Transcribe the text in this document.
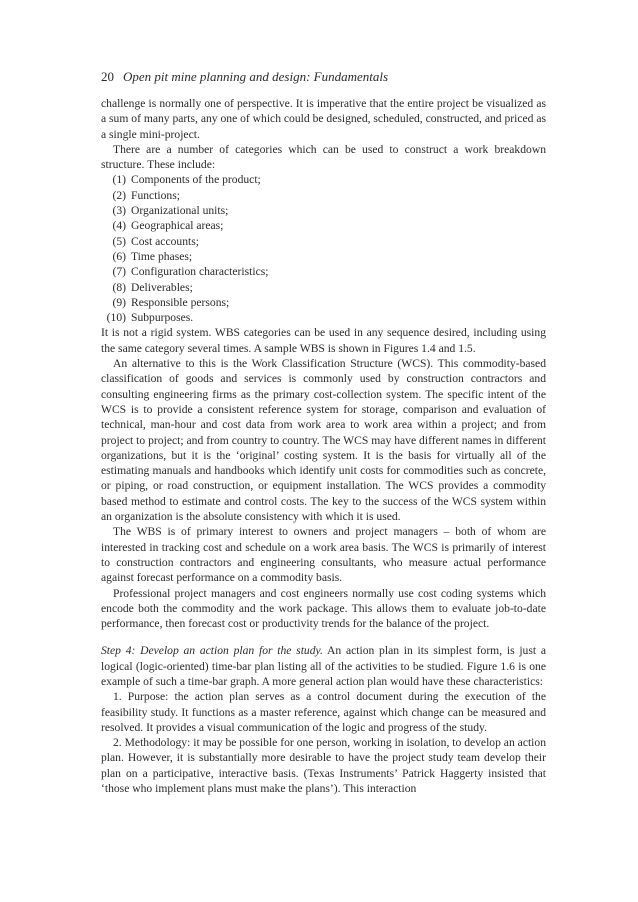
20 Open pit mine planning and design: Fundamentals

challenge is normally one of perspective. It is imperative that the entire project be visualized as a sum of many parts, any one of which could be designed, scheduled, constructed, and priced as a single mini-project.

There are a number of categories which can be used to construct a work breakdown structure. These include:

(1) Components of the product;
(2) Functions;
(3) Organizational units;
(4) Geographical areas;
(5) Cost accounts;
(6) Time phases;
(7) Configuration characteristics;
(8) Deliverables;
(9) Responsible persons;
(10) Subpurposes.

It is not a rigid system. WBS categories can be used in any sequence desired, including using the same category several times. A sample WBS is shown in Figures 1.4 and 1.5.

An alternative to this is the Work Classification Structure (WCS). This commodity-based classification of goods and services is commonly used by construction contractors and consulting engineering firms as the primary cost-collection system. The specific intent of the WCS is to provide a consistent reference system for storage, comparison and evaluation of technical, man-hour and cost data from work area to work area within a project; and from project to project; and from country to country. The WCS may have different names in different organizations, but it is the ‘original’ costing system. It is the basis for virtually all of the estimating manuals and handbooks which identify unit costs for commodities such as concrete, or piping, or road construction, or equipment installation. The WCS provides a commodity based method to estimate and control costs. The key to the success of the WCS system within an organization is the absolute consistency with which it is used.

The WBS is of primary interest to owners and project managers – both of whom are interested in tracking cost and schedule on a work area basis. The WCS is primarily of interest to construction contractors and engineering consultants, who measure actual performance against forecast performance on a commodity basis.

Professional project managers and cost engineers normally use cost coding systems which encode both the commodity and the work package. This allows them to evaluate job-to-date performance, then forecast cost or productivity trends for the balance of the project.

Step 4: Develop an action plan for the study. An action plan in its simplest form, is just a logical (logic-oriented) time-bar plan listing all of the activities to be studied. Figure 1.6 is one example of such a time-bar graph. A more general action plan would have these characteristics:

1. Purpose: the action plan serves as a control document during the execution of the feasibility study. It functions as a master reference, against which change can be measured and resolved. It provides a visual communication of the logic and progress of the study.

2. Methodology: it may be possible for one person, working in isolation, to develop an action plan. However, it is substantially more desirable to have the project study team develop their plan on a participative, interactive basis. (Texas Instruments’ Patrick Haggerty insisted that ‘those who implement plans must make the plans’). This interaction
